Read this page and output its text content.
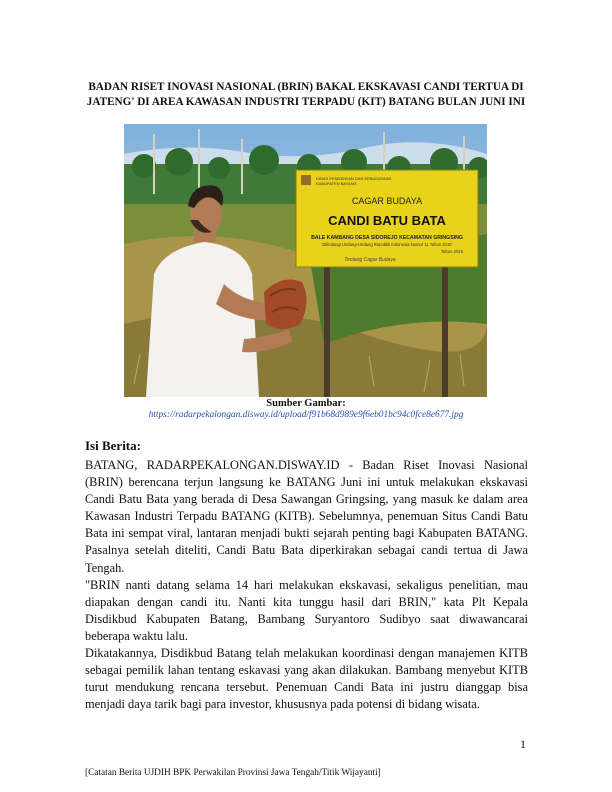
BADAN RISET INOVASI NASIONAL (BRIN) BAKAL EKSKAVASI CANDI TERTUA DI JATENG' DI AREA KAWASAN INDUSTRI TERPADU (KIT) BATANG BULAN JUNI INI
DINAS PENDIDIKAN DAN KEBUDAYAAN
KABUPATEN BATANG
CAGAR BUDAYA
CANDI BATU BATA
BALE KAMBANG DESA SIDOREJO KECAMATAN GRINGSING
Dilindungi Undang-Undang Republik Indonesia Nomor 11 Tahun 2010
Tahun 2019
Tentang Cagar Budaya
Sumber Gambar:
https://radarpekalongan.disway.id/upload/f91b68d989e9f6eb01bc94c0fce8e677.jpg
Isi Berita:

BATANG, RADARPEKALONGAN.DISWAY.ID - Badan Riset Inovasi Nasional (BRIN) berencana terjun langsung ke BATANG Juni ini untuk melakukan ekskavasi Candi Batu Bata yang berada di Desa Sawangan Gringsing, yang masuk ke dalam area Kawasan Industri Terpadu BATANG (KITB). Sebelumnya, penemuan Situs Candi Batu Bata ini sempat viral, lantaran menjadi bukti sejarah penting bagi Kabupaten BATANG. Pasalnya setelah diteliti, Candi Batu Bata diperkirakan sebagai candi tertua di Jawa Tengah.

"BRIN nanti datang selama 14 hari melakukan ekskavasi, sekaligus penelitian, mau diapakan dengan candi itu. Nanti kita tunggu hasil dari BRIN," kata Plt Kepala Disdikbud Kabupaten Batang, Bambang Suryantoro Sudibyo saat diwawancarai beberapa waktu lalu.

Dikatakannya, Disdikbud Batang telah melakukan koordinasi dengan manajemen KITB sebagai pemilik lahan tentang eskavasi yang akan dilakukan. Bambang menyebut KITB turut mendukung rencana tersebut. Penemuan Candi Bata ini justru dianggap bisa menjadi daya tarik bagi para investor, khususnya pada potensi di bidang wisata.

1
[Catatan Berita UJDIH BPK Perwakilan Provinsi Jawa Tengah/Titik Wijayanti]
